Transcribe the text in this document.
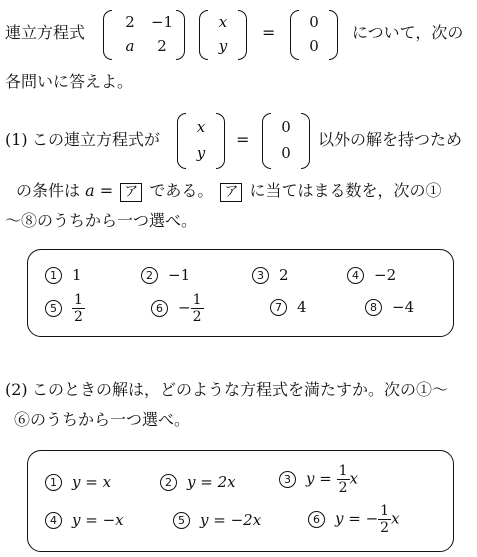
連立方程式
2	−1
a	2
x
y
=
0
0
について，次の
各問いに答えよ。
(1) この連立方程式が
x
y
=
0
0
以外の解を持つため
の条件は a = ア である。 ア に当てはまる数を，次の①
〜⑧のうちから一つ選べ。
1 1	2 −1	3 2	4 −2
$5 \frac{1}{2}$	$6 - \frac{1}{2}$	7 4	8 −4
(2) このときの解は，どのような方程式を満たすか。次の①〜
⑥のうちから一つ選べ。
1 y = x	2 y = 2x	3 $y = \frac{1}{2}$ x
4 y = −x	5 y = −2x	6 y = − $\frac{1}{2}$ x
